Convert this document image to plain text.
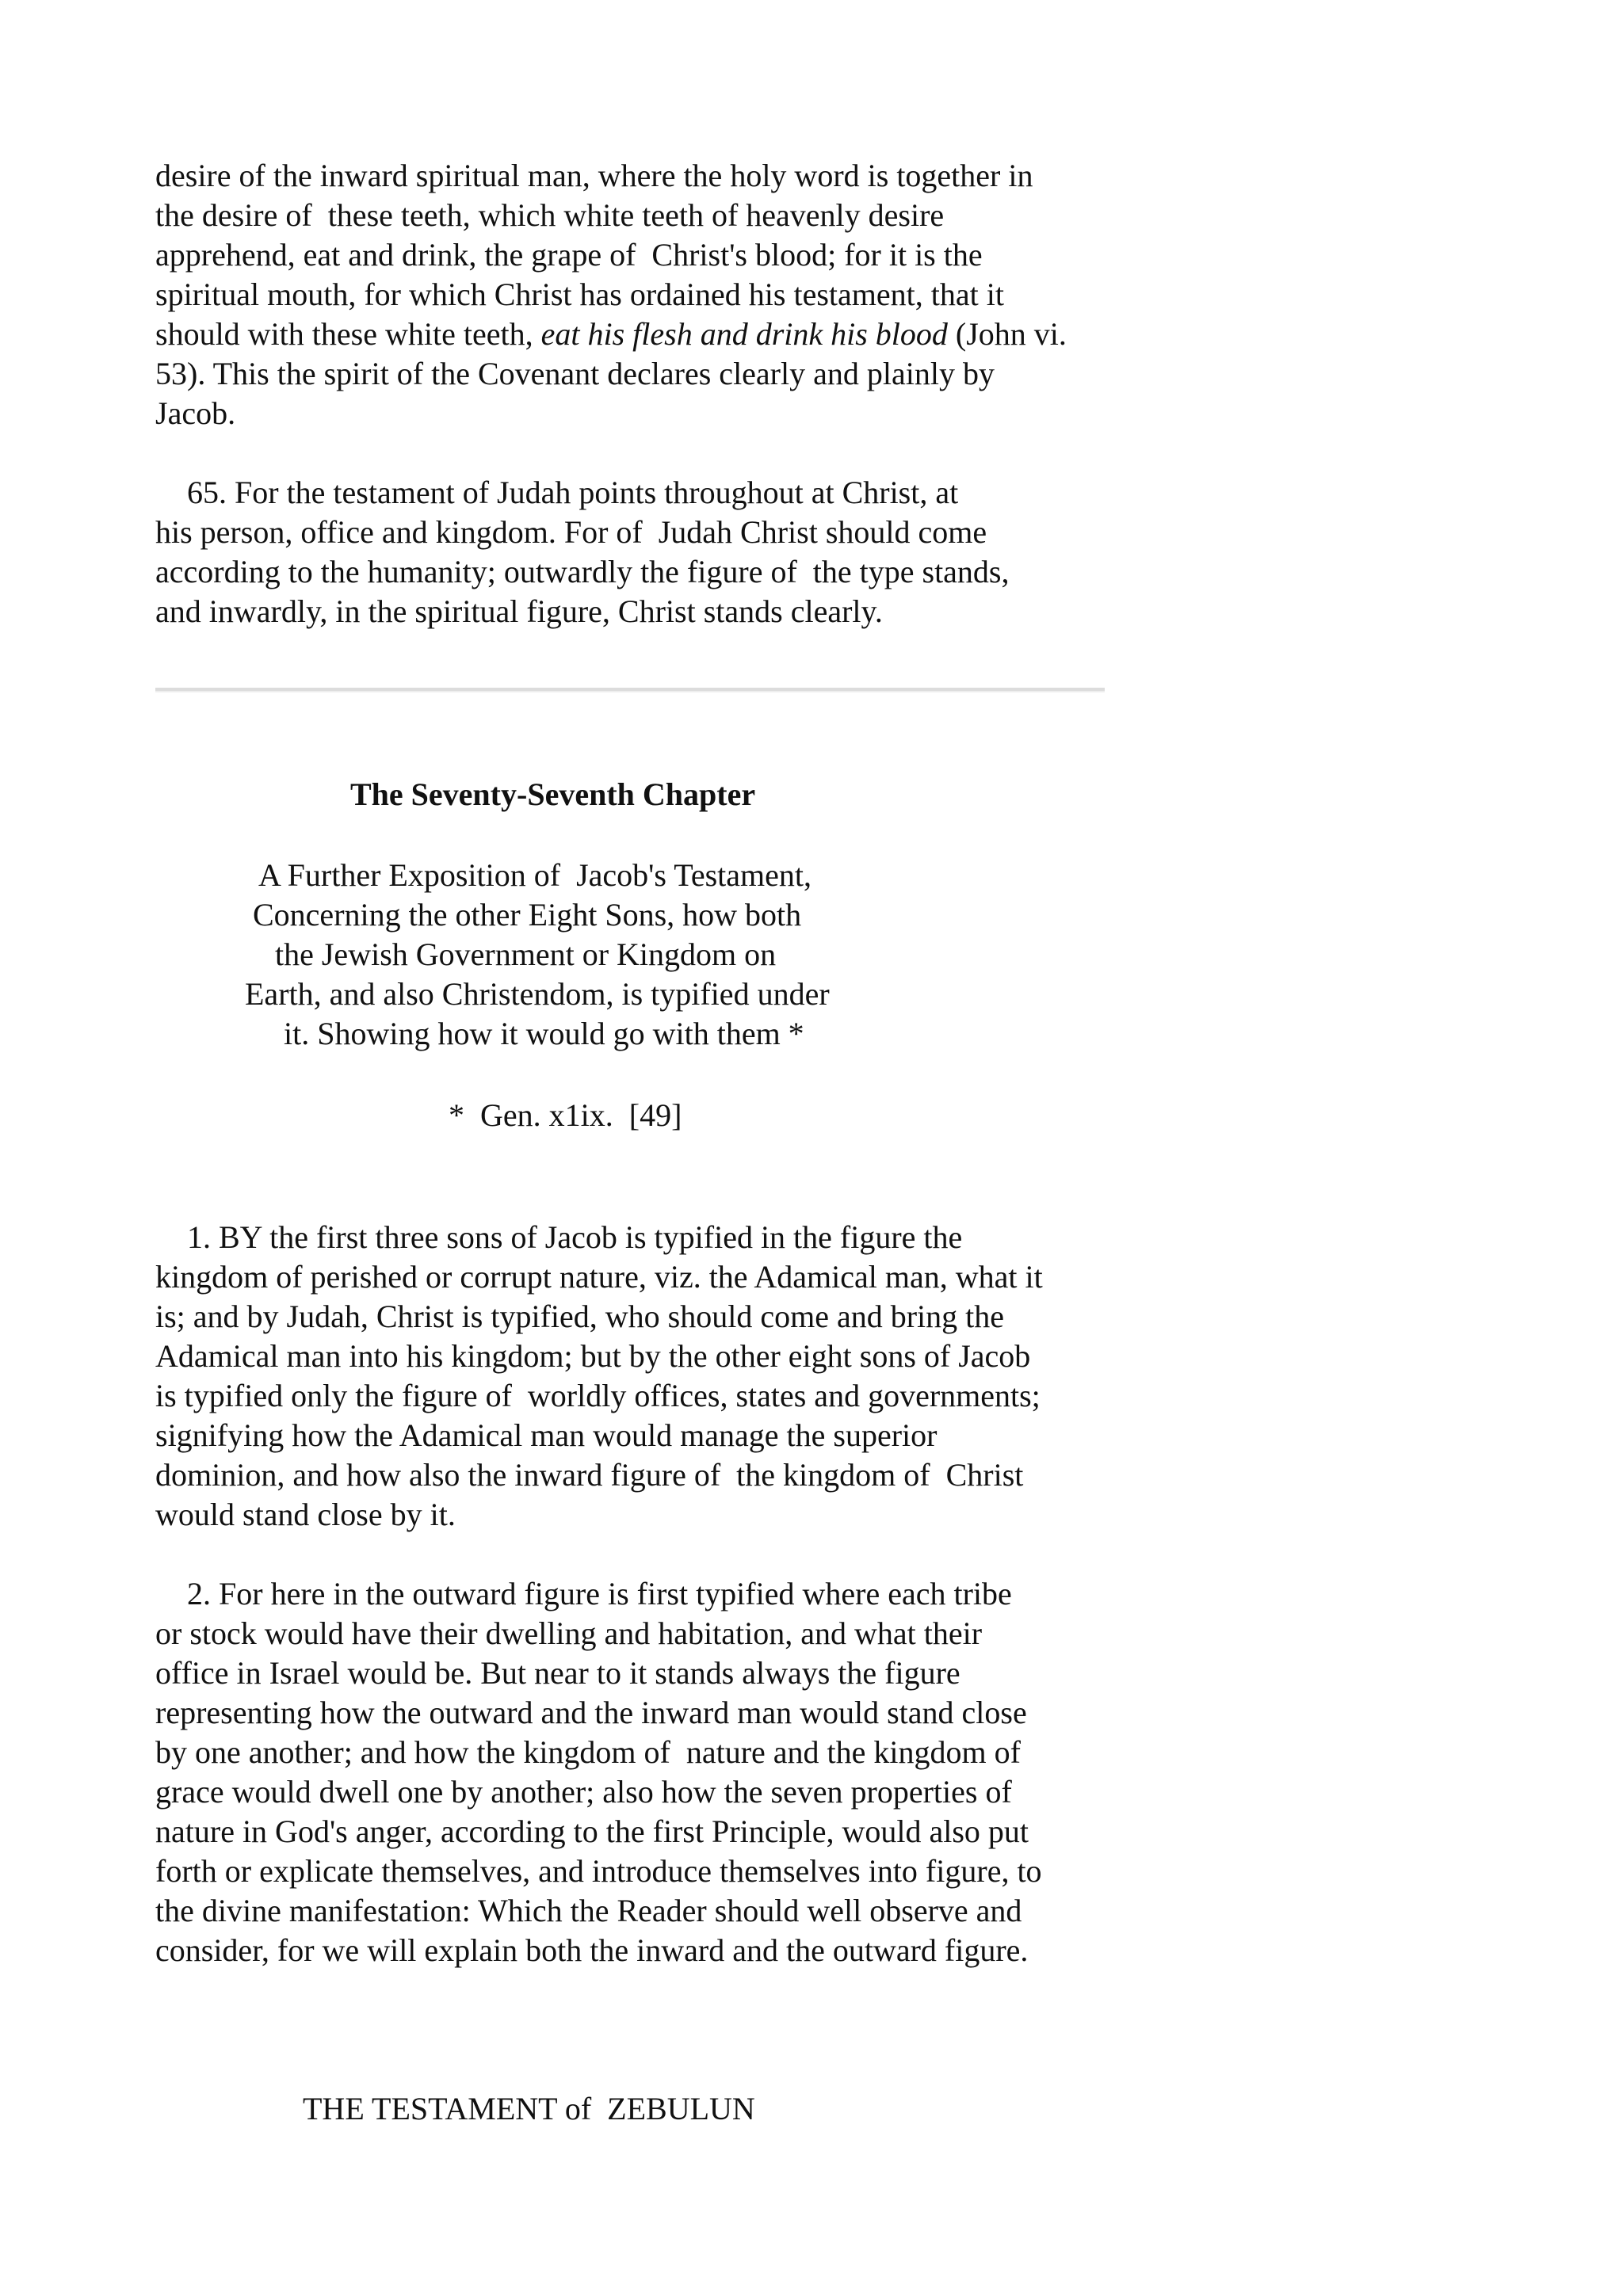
desire of the inward spiritual man, where the holy word is together in
the desire of  these teeth, which white teeth of heavenly desire
apprehend, eat and drink, the grape of  Christ's blood; for it is the
spiritual mouth, for which Christ has ordained his testament, that it
should with these white teeth, eat his flesh and drink his blood (John vi.
53). This the spirit of the Covenant declares clearly and plainly by
Jacob.
65. For the testament of Judah points throughout at Christ, at
his person, office and kingdom. For of  Judah Christ should come
according to the humanity; outwardly the figure of  the type stands,
and inwardly, in the spiritual figure, Christ stands clearly.
The Seventy-Seventh Chapter
A Further Exposition of  Jacob's Testament,
Concerning the other Eight Sons, how both
the Jewish Government or Kingdom on
Earth, and also Christendom, is typified under
it. Showing how it would go with them *
*  Gen. x1ix.  [49]
1. BY the first three sons of Jacob is typified in the figure the
kingdom of perished or corrupt nature, viz. the Adamical man, what it
is; and by Judah, Christ is typified, who should come and bring the
Adamical man into his kingdom; but by the other eight sons of Jacob
is typified only the figure of  worldly offices, states and governments;
signifying how the Adamical man would manage the superior
dominion, and how also the inward figure of  the kingdom of  Christ
would stand close by it.
2. For here in the outward figure is first typified where each tribe
or stock would have their dwelling and habitation, and what their
office in Israel would be. But near to it stands always the figure
representing how the outward and the inward man would stand close
by one another; and how the kingdom of  nature and the kingdom of
grace would dwell one by another; also how the seven properties of
nature in God's anger, according to the first Principle, would also put
forth or explicate themselves, and introduce themselves into figure, to
the divine manifestation: Which the Reader should well observe and
consider, for we will explain both the inward and the outward figure.
THE TESTAMENT of  ZEBULUN
